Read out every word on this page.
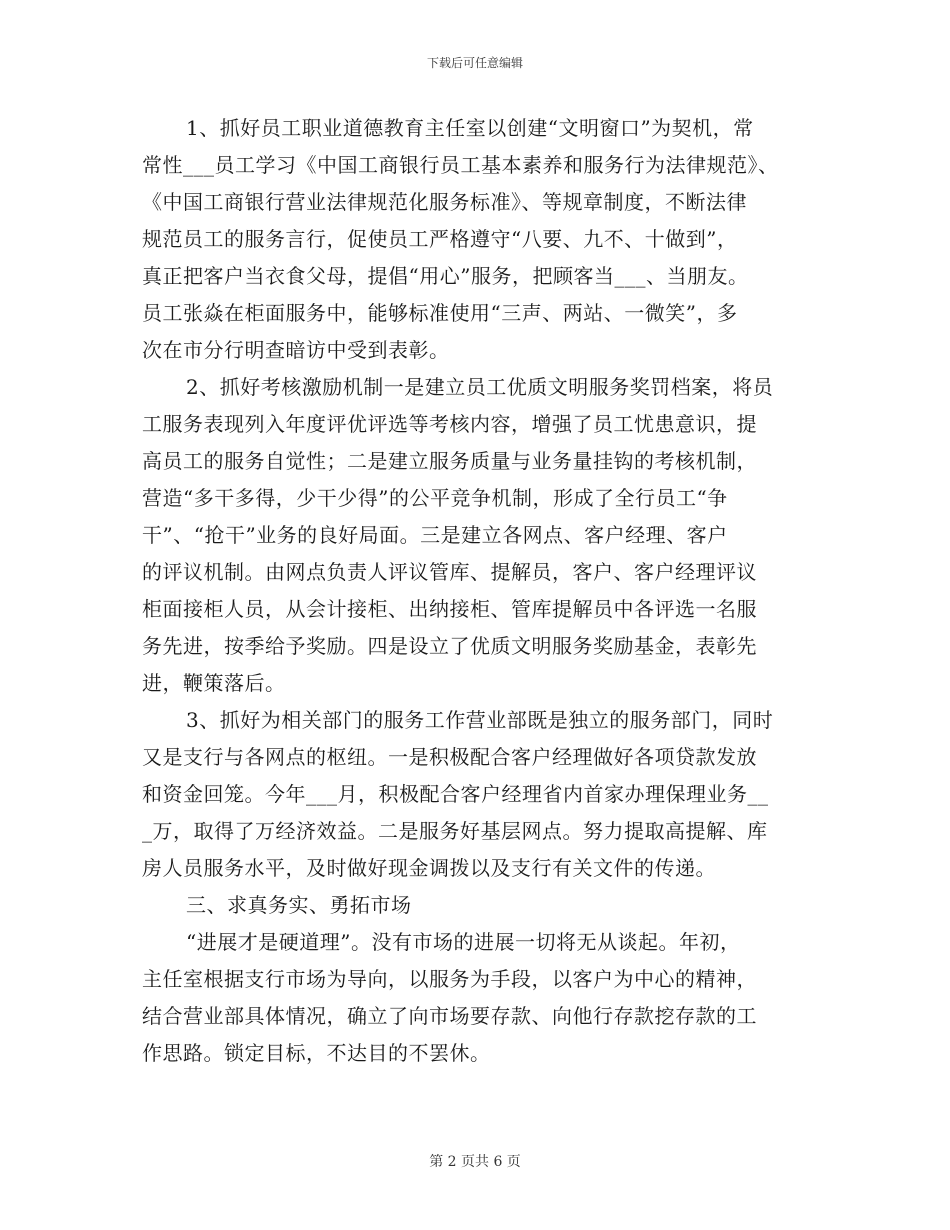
下载后可任意编辑
1、抓好员工职业道德教育主任室以创建“文明窗口”为契机，常
常性___员工学习《中国工商银行员工基本素养和服务行为法律规范》、
《中国工商银行营业法律规范化服务标准》、等规章制度，不断法律
规范员工的服务言行，促使员工严格遵守“八要、九不、十做到”，
真正把客户当衣食父母，提倡“用心”服务，把顾客当___、当朋友。
员工张焱在柜面服务中，能够标准使用“三声、两站、一微笑”，多
次在市分行明查暗访中受到表彰。
2、抓好考核激励机制一是建立员工优质文明服务奖罚档案，将员
工服务表现列入年度评优评选等考核内容，增强了员工忧患意识，提
高员工的服务自觉性；二是建立服务质量与业务量挂钩的考核机制，
营造“多干多得，少干少得”的公平竞争机制，形成了全行员工“争
干”、“抢干”业务的良好局面。三是建立各网点、客户经理、客户
的评议机制。由网点负责人评议管库、提解员，客户、客户经理评议
柜面接柜人员，从会计接柜、出纳接柜、管库提解员中各评选一名服
务先进，按季给予奖励。四是设立了优质文明服务奖励基金，表彰先
进，鞭策落后。
3、抓好为相关部门的服务工作营业部既是独立的服务部门，同时
又是支行与各网点的枢纽。一是积极配合客户经理做好各项贷款发放
和资金回笼。今年___月，积极配合客户经理省内首家办理保理业务__
_万，取得了万经济效益。二是服务好基层网点。努力提取高提解、库
房人员服务水平，及时做好现金调拨以及支行有关文件的传递。
三、求真务实、勇拓市场
“进展才是硬道理”。没有市场的进展一切将无从谈起。年初，
主任室根据支行市场为导向，以服务为手段，以客户为中心的精神，
结合营业部具体情况，确立了向市场要存款、向他行存款挖存款的工
作思路。锁定目标，不达目的不罢休。
第 2 页共 6 页
